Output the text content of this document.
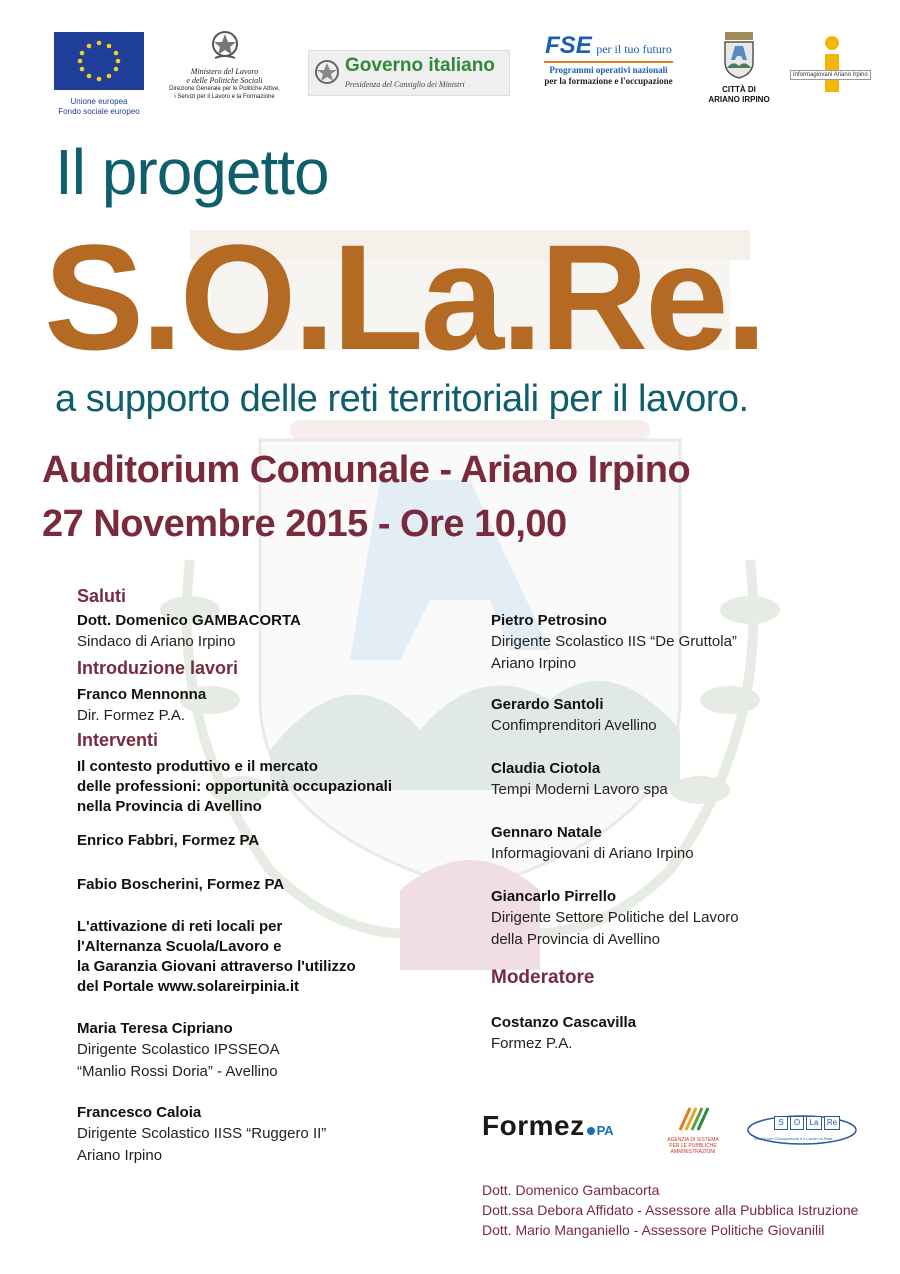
Unione europea
Fondo sociale europeo
Ministero del Lavoro
e delle Politiche Sociali
Direzione Generale per le Politiche Attive,
i Servizi per il Lavoro e la Formazione
Governo italiano
Presidenza del Consiglio dei Ministri
FSE per il tuo futuro
Programmi operativi nazionali
per la formazione e l'occupazione
CITTÀ DI
ARIANO IRPINO
Informagiovani Ariano Irpino
Il progetto
S.O.La.Re.
a supporto delle reti territoriali per il lavoro.
Auditorium Comunale - Ariano Irpino
27 Novembre 2015 - Ore 10,00
Saluti
Dott. Domenico GAMBACORTA
Sindaco di Ariano Irpino
Introduzione lavori
Franco Mennonna
Dir. Formez P.A.
Interventi
Il contesto produttivo e il mercato
delle professioni: opportunità occupazionali
nella Provincia di Avellino
Enrico Fabbri, Formez PA
Fabio Boscherini, Formez PA
L'attivazione di reti locali per
l'Alternanza Scuola/Lavoro e
la Garanzia Giovani attraverso l'utilizzo
del Portale www.solareirpinia.it
Maria Teresa Cipriano
Dirigente Scolastico IPSSEOA
“Manlio Rossi Doria” - Avellino
Francesco Caloia
Dirigente Scolastico IISS “Ruggero II”
Ariano Irpino
Pietro Petrosino
Dirigente Scolastico IIS “De Gruttola”
Ariano Irpino
Gerardo Santoli
Confimprenditori Avellino
Claudia Ciotola
Tempi Moderni Lavoro spa
Gennaro Natale
Informagiovani di Ariano Irpino
Giancarlo Pirrello
Dirigente Settore Politiche del Lavoro
della Provincia di Avellino
Moderatore
Costanzo Cascavilla
Formez P.A.
Formez PA
AGENZIA DI SISTEMA
PER LE PUBBLICHE
AMMINISTRAZIONI
S	O	La	Re
Servizi per l'Occupazione e il Lavoro in Rete
Dott. Domenico Gambacorta
Dott.ssa Debora Affidato - Assessore alla Pubblica Istruzione
Dott. Mario Manganiello - Assessore Politiche Giovanilil
